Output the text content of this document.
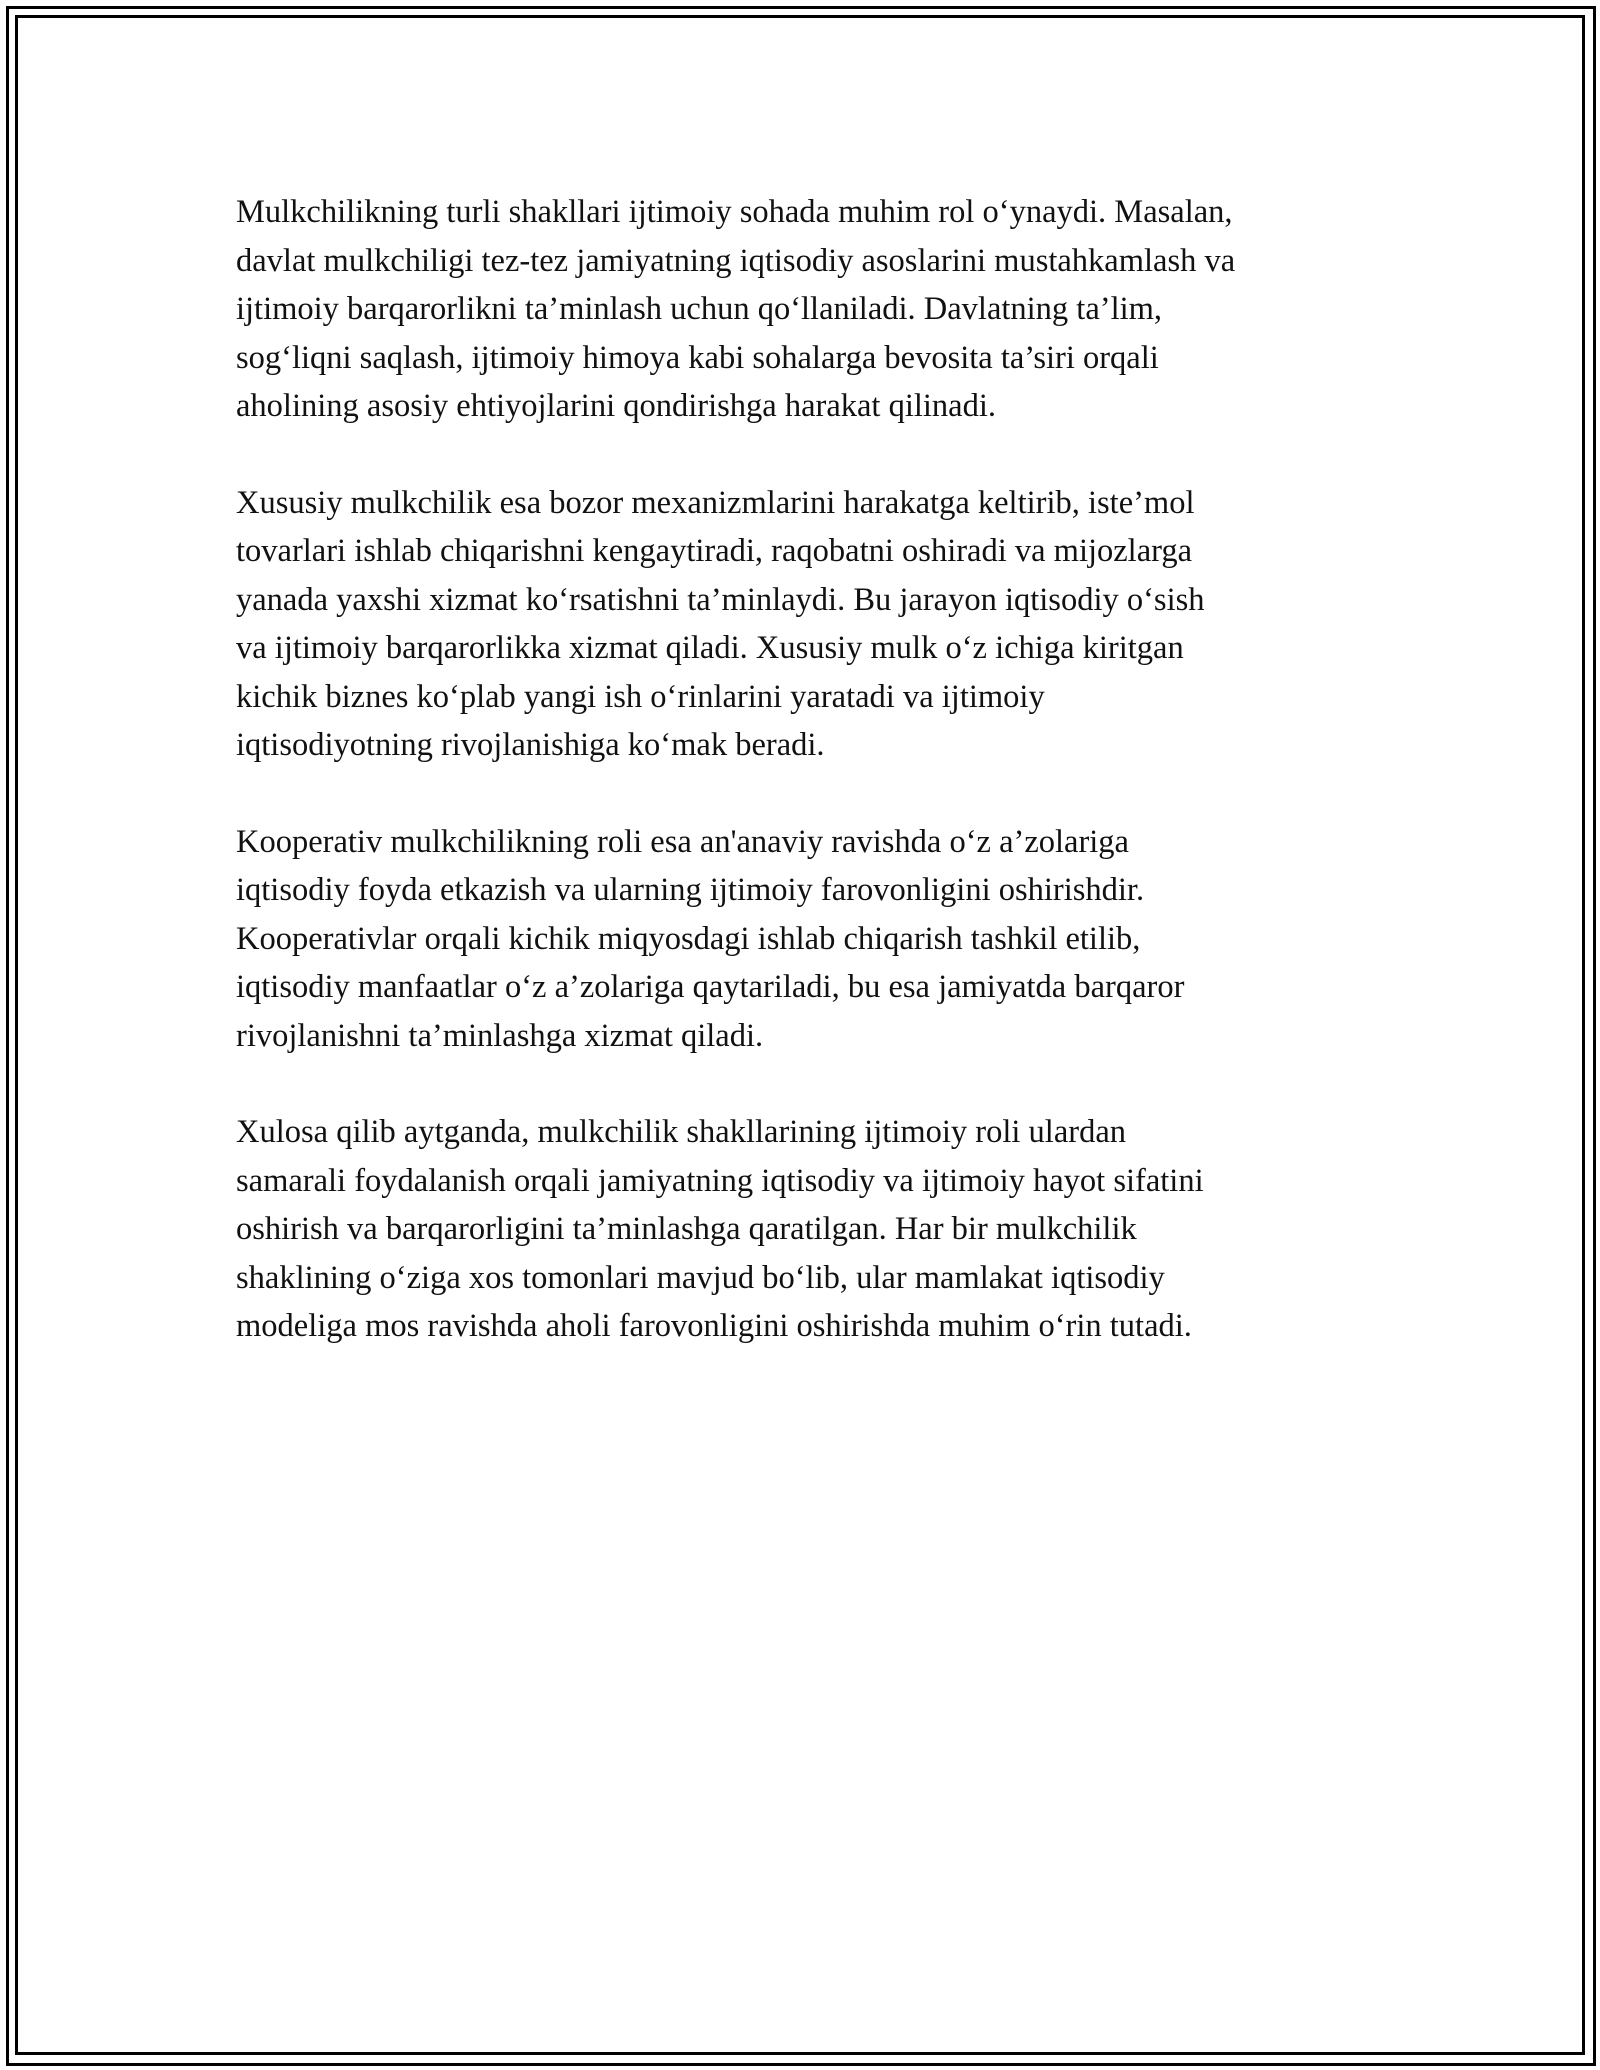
Mulkchilikning turli shakllari ijtimoiy sohada muhim rol o‘ynaydi. Masalan,
davlat mulkchiligi tez-tez jamiyatning iqtisodiy asoslarini mustahkamlash va
ijtimoiy barqarorlikni ta’minlash uchun qo‘llaniladi. Davlatning ta’lim,
sog‘liqni saqlash, ijtimoiy himoya kabi sohalarga bevosita ta’siri orqali
aholining asosiy ehtiyojlarini qondirishga harakat qilinadi.

Xususiy mulkchilik esa bozor mexanizmlarini harakatga keltirib, iste’mol
tovarlari ishlab chiqarishni kengaytiradi, raqobatni oshiradi va mijozlarga
yanada yaxshi xizmat ko‘rsatishni ta’minlaydi. Bu jarayon iqtisodiy o‘sish
va ijtimoiy barqarorlikka xizmat qiladi. Xususiy mulk o‘z ichiga kiritgan
kichik biznes ko‘plab yangi ish o‘rinlarini yaratadi va ijtimoiy
iqtisodiyotning rivojlanishiga ko‘mak beradi.

Kooperativ mulkchilikning roli esa an'anaviy ravishda o‘z a’zolariga
iqtisodiy foyda etkazish va ularning ijtimoiy farovonligini oshirishdir.
Kooperativlar orqali kichik miqyosdagi ishlab chiqarish tashkil etilib,
iqtisodiy manfaatlar o‘z a’zolariga qaytariladi, bu esa jamiyatda barqaror
rivojlanishni ta’minlashga xizmat qiladi.

Xulosa qilib aytganda, mulkchilik shakllarining ijtimoiy roli ulardan
samarali foydalanish orqali jamiyatning iqtisodiy va ijtimoiy hayot sifatini
oshirish va barqarorligini ta’minlashga qaratilgan. Har bir mulkchilik
shaklining o‘ziga xos tomonlari mavjud bo‘lib, ular mamlakat iqtisodiy
modeliga mos ravishda aholi farovonligini oshirishda muhim o‘rin tutadi.
